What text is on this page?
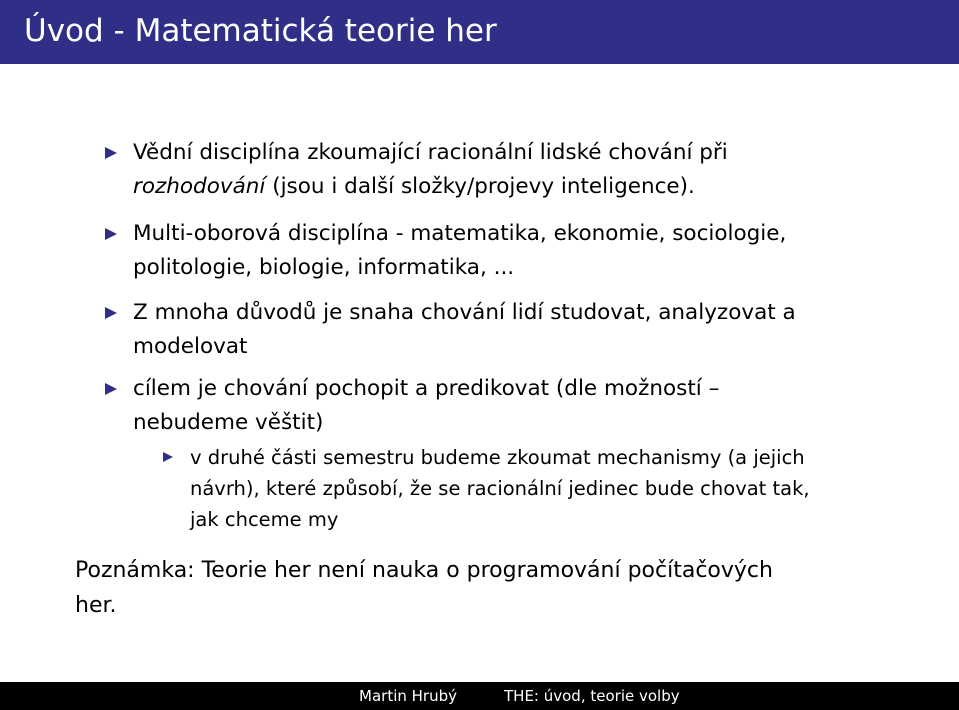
Úvod - Matematická teorie her
Vědní disciplína zkoumající racionální lidské chování při
rozhodování (jsou i další složky/projevy inteligence).
Multi-oborová disciplína - matematika, ekonomie, sociologie,
politologie, biologie, informatika, ...
Z mnoha důvodů je snaha chování lidí studovat, analyzovat a
modelovat
cílem je chování pochopit a predikovat (dle možností –
nebudeme věštit)
v druhé části semestru budeme zkoumat mechanismy (a jejich
návrh), které způsobí, že se racionální jedinec bude chovat tak,
jak chceme my
Poznámka: Teorie her není nauka o programování počítačových
her.
Martin Hrubý	THE: úvod, teorie volby
